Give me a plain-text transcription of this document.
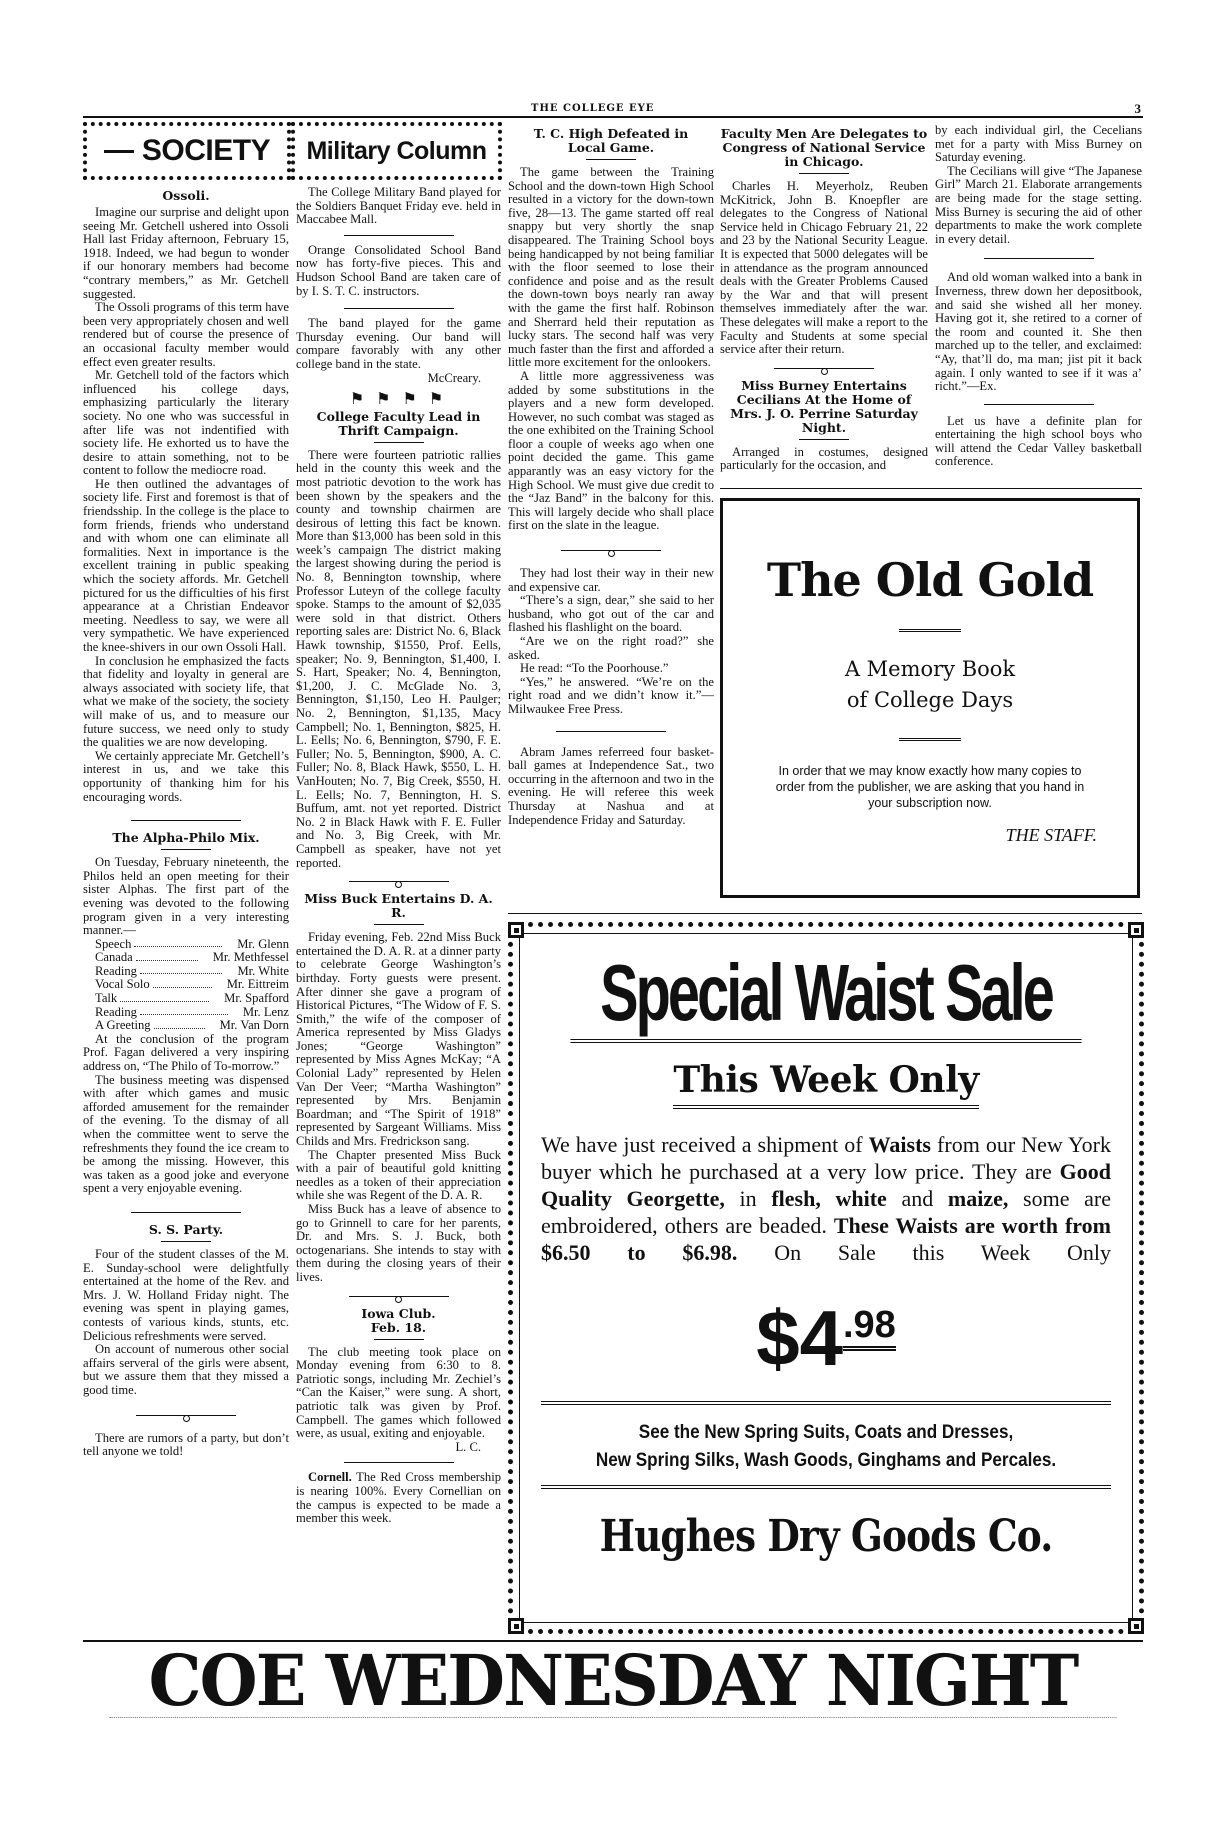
THE COLLEGE EYE	3
SOCIETY Military Column
Ossoli.

Imagine our surprise and delight upon seeing Mr. Getchell ushered into Ossoli Hall last Friday afternoon, February 15, 1918. Indeed, we had begun to wonder if our honorary members had become “contrary members,” as Mr. Getchell suggested.

The Ossoli programs of this term have been very appropriately chosen and well rendered but of course the presence of an occasional faculty member would effect even greater results.

Mr. Getchell told of the factors which influenced his college days, emphasizing particularly the literary society. No one who was successful in after life was not indentified with society life. He exhorted us to have the desire to attain something, not to be content to follow the mediocre road.

He then outlined the advantages of society life. First and foremost is that of friendsship. In the college is the place to form friends, friends who understand and with whom one can eliminate all formalities. Next in importance is the excellent training in public speaking which the society affords. Mr. Getchell pictured for us the difficulties of his first appearance at a Christian Endeavor meeting. Needless to say, we were all very sympathetic. We have experienced the knee-shivers in our own Ossoli Hall.

In conclusion he emphasized the facts that fidelity and loyalty in general are always associated with society life, that what we make of the society, the society will make of us, and to measure our future success, we need only to study the qualities we are now developing.

We certainly appreciate Mr. Getchell’s interest in us, and we take this opportunity of thanking him for his encouraging words.

The Alpha-Philo Mix.

On Tuesday, February nineteenth, the Philos held an open meeting for their sister Alphas. The first part of the evening was devoted to the following program given in a very interesting manner.—

Speech	Mr. Glenn

Canada	Mr. Methfessel

Reading	Mr. White

Vocal Solo	Mr. Eittreim

Talk	Mr. Spafford

Reading	Mr. Lenz

A Greeting	Mr. Van Dorn

At the conclusion of the program Prof. Fagan delivered a very inspiring address on, “The Philo of To-morrow.”

The business meeting was dispensed with after which games and music afforded amusement for the remainder of the evening. To the dismay of all when the committee went to serve the refreshments they found the ice cream to be among the missing. However, this was taken as a good joke and everyone spent a very enjoyable evening.

S. S. Party.

Four of the student classes of the M. E. Sunday-school were delightfully entertained at the home of the Rev. and Mrs. J. W. Holland Friday night. The evening was spent in playing games, contests of various kinds, stunts, etc. Delicious refreshments were served.

On account of numerous other social affairs serveral of the girls were absent, but we assure them that they missed a good time.

There are rumors of a party, but don’t tell anyone we told!

The College Military Band played for the Soldiers Banquet Friday eve. held in Maccabee Mall.

Orange Consolidated School Band now has forty-five pieces. This and Hudson School Band are taken care of by I. S. T. C. instructors.

The band played for the game Thursday evening. Our band will compare favorably with any other college band in the state.

McCreary.

⚑ ⚑ ⚑ ⚑
College Faculty Lead in Thrift Campaign.

There were fourteen patriotic rallies held in the county this week and the most patriotic devotion to the work has been shown by the speakers and the county and township chairmen are desirous of letting this fact be known. More than $13,000 has been sold in this week’s campaign The district making the largest showing during the period is No. 8, Bennington township, where Professor Luteyn of the college faculty spoke. Stamps to the amount of $2,035 were sold in that district. Others reporting sales are: District No. 6, Black Hawk township, $1550, Prof. Eells, speaker; No. 9, Bennington, $1,400, I. S. Hart, Speaker; No. 4, Bennington, $1,200, J. C. McGlade No. 3, Bennington, $1,150, Leo H. Paulger; No. 2, Bennington, $1,135, Macy Campbell; No. 1, Bennington, $825, H. L. Eells; No. 6, Bennington, $790, F. E. Fuller; No. 5, Bennington, $900, A. C. Fuller; No. 8, Black Hawk, $550, L. H. VanHouten; No. 7, Big Creek, $550, H. L. Eells; No. 7, Bennington, H. S. Buffum, amt. not yet reported. District No. 2 in Black Hawk with F. E. Fuller and No. 3, Big Creek, with Mr. Campbell as speaker, have not yet reported.

Miss Buck Entertains D. A. R.

Friday evening, Feb. 22nd Miss Buck entertained the D. A. R. at a dinner party to celebrate George Washington’s birthday. Forty guests were present. After dinner she gave a program of Historical Pictures, “The Widow of F. S. Smith,” the wife of the composer of America represented by Miss Gladys Jones; “George Washington” represented by Miss Agnes McKay; “A Colonial Lady” represented by Helen Van Der Veer; “Martha Washington” represented by Mrs. Benjamin Boardman; and “The Spirit of 1918” represented by Sargeant Williams. Miss Childs and Mrs. Fredrickson sang.

The Chapter presented Miss Buck with a pair of beautiful gold knitting needles as a token of their appreciation while she was Regent of the D. A. R.

Miss Buck has a leave of absence to go to Grinnell to care for her parents, Dr. and Mrs. S. J. Buck, both octogenarians. She intends to stay with them during the closing years of their lives.

Iowa Club.
Feb. 18.

The club meeting took place on Monday evening from 6:30 to 8. Patriotic songs, including Mr. Zechiel’s “Can the Kaiser,” were sung. A short, patriotic talk was given by Prof. Campbell. The games which followed were, as usual, exiting and enjoyable.

L. C.

Cornell. The Red Cross membership is nearing 100%. Every Cornellian on the campus is expected to be made a member this week.

T. C. High Defeated in
Local Game.

The game between the Training School and the down-town High School resulted in a victory for the down-town five, 28—13. The game started off real snappy but very shortly the snap disappeared. The Training School boys being handicapped by not being familiar with the floor seemed to lose their confidence and poise and as the result the down-town boys nearly ran away with the game the first half. Robinson and Sherrard held their reputation as lucky stars. The second half was very much faster than the first and afforded a little more excitement for the onlookers.

A little more aggressiveness was added by some substitutions in the players and a new form developed. However, no such combat was staged as the one exhibited on the Training School floor a couple of weeks ago when one point decided the game. This game apparantly was an easy victory for the High School. We must give due credit to the “Jaz Band” in the balcony for this. This will largely decide who shall place first on the slate in the league.

They had lost their way in their new and expensive car.

“There’s a sign, dear,” she said to her husband, who got out of the car and flashed his flashlight on the board.

“Are we on the right road?” she asked.

He read: “To the Poorhouse.”

“Yes,” he answered. “We’re on the right road and we didn’t know it.”—Milwaukee Free Press.

Abram James referreed four basket-ball games at Independence Sat., two occurring in the afternoon and two in the evening. He will referee this week Thursday at Nashua and at Independence Friday and Saturday.

Faculty Men Are Delegates to Congress of National Service in Chicago.

Charles H. Meyerholz, Reuben McKitrick, John B. Knoepfler are delegates to the Congress of National Service held in Chicago February 21, 22 and 23 by the National Security League. It is expected that 5000 delegates will be in attendance as the program announced deals with the Greater Problems Caused by the War and that will present themselves immediately after the war. These delegates will make a report to the Faculty and Students at some special service after their return.

Miss Burney Entertains Cecilians At the Home of Mrs. J. O. Perrine Saturday Night.

Arranged in costumes, designed particularly for the occasion, and

by each individual girl, the Cecelians met for a party with Miss Burney on Saturday evening.

The Cecilians will give “The Japanese Girl” March 21. Elaborate arrangements are being made for the stage setting. Miss Burney is securing the aid of other departments to make the work complete in every detail.

And old woman walked into a bank in Inverness, threw down her depositbook, and said she wished all her money. Having got it, she retired to a corner of the room and counted it. She then marched up to the teller, and exclaimed: “Ay, that’ll do, ma man; jist pit it back again. I only wanted to see if it was a’ richt.”—Ex.

Let us have a definite plan for entertaining the high school boys who will attend the Cedar Valley basketball conference.

The Old Gold
A Memory Book
of College Days
In order that we may know exactly how many copies to order from the publisher, we are asking that you hand in your subscription now.
THE STAFF.
Special Waist Sale
This Week Only
We have just received a shipment of Waists from our New York buyer which he purchased at a very low price. They are Good Quality Georgette, in flesh, white and maize, some are embroidered, others are beaded. These Waists are worth from $6.50 to $6.98. On Sale this Week Only
$\$4^{.98}$
See the New Spring Suits, Coats and Dresses,
New Spring Silks, Wash Goods, Ginghams and Percales.
Hughes Dry Goods Co.
COE WEDNESDAY NIGHT
